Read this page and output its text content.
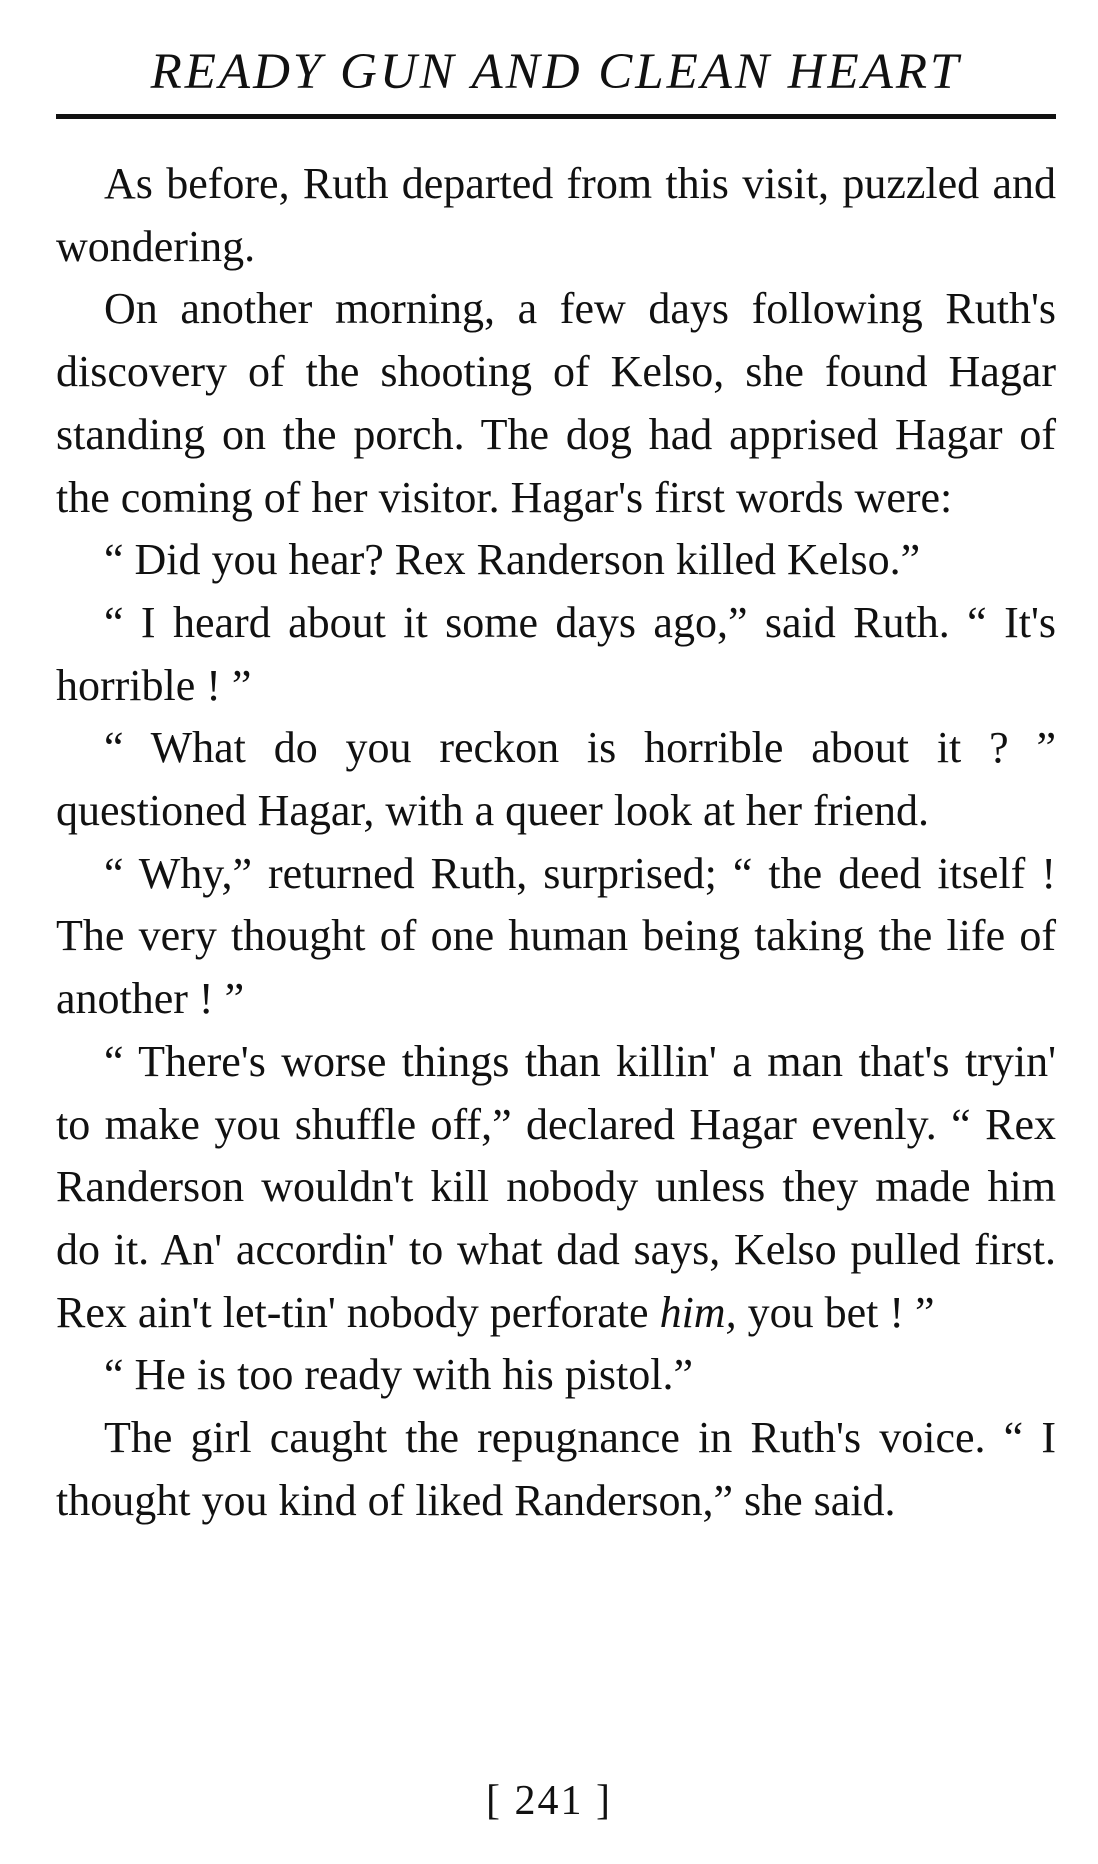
READY GUN AND CLEAN HEART

As before, Ruth departed from this visit, puzzled and wondering.

On another morning, a few days following Ruth's discovery of the shooting of Kelso, she found Hagar standing on the porch. The dog had apprised Hagar of the coming of her visitor. Hagar's first words were:

“ Did you hear? Rex Randerson killed Kelso.”

“ I heard about it some days ago,” said Ruth. “ It's horrible ! ”

“ What do you reckon is horrible about it ? ” questioned Hagar, with a queer look at her friend.

“ Why,” returned Ruth, surprised; “ the deed itself ! The very thought of one human being taking the life of another ! ”

“ There's worse things than killin' a man that's tryin' to make you shuffle off,” declared Hagar evenly. “ Rex Randerson wouldn't kill nobody unless they made him do it. An' accordin' to what dad says, Kelso pulled first. Rex ain't let-tin' nobody perforate him, you bet ! ”

“ He is too ready with his pistol.”

The girl caught the repugnance in Ruth's voice. “ I thought you kind of liked Randerson,” she said.

[ 241 ]
